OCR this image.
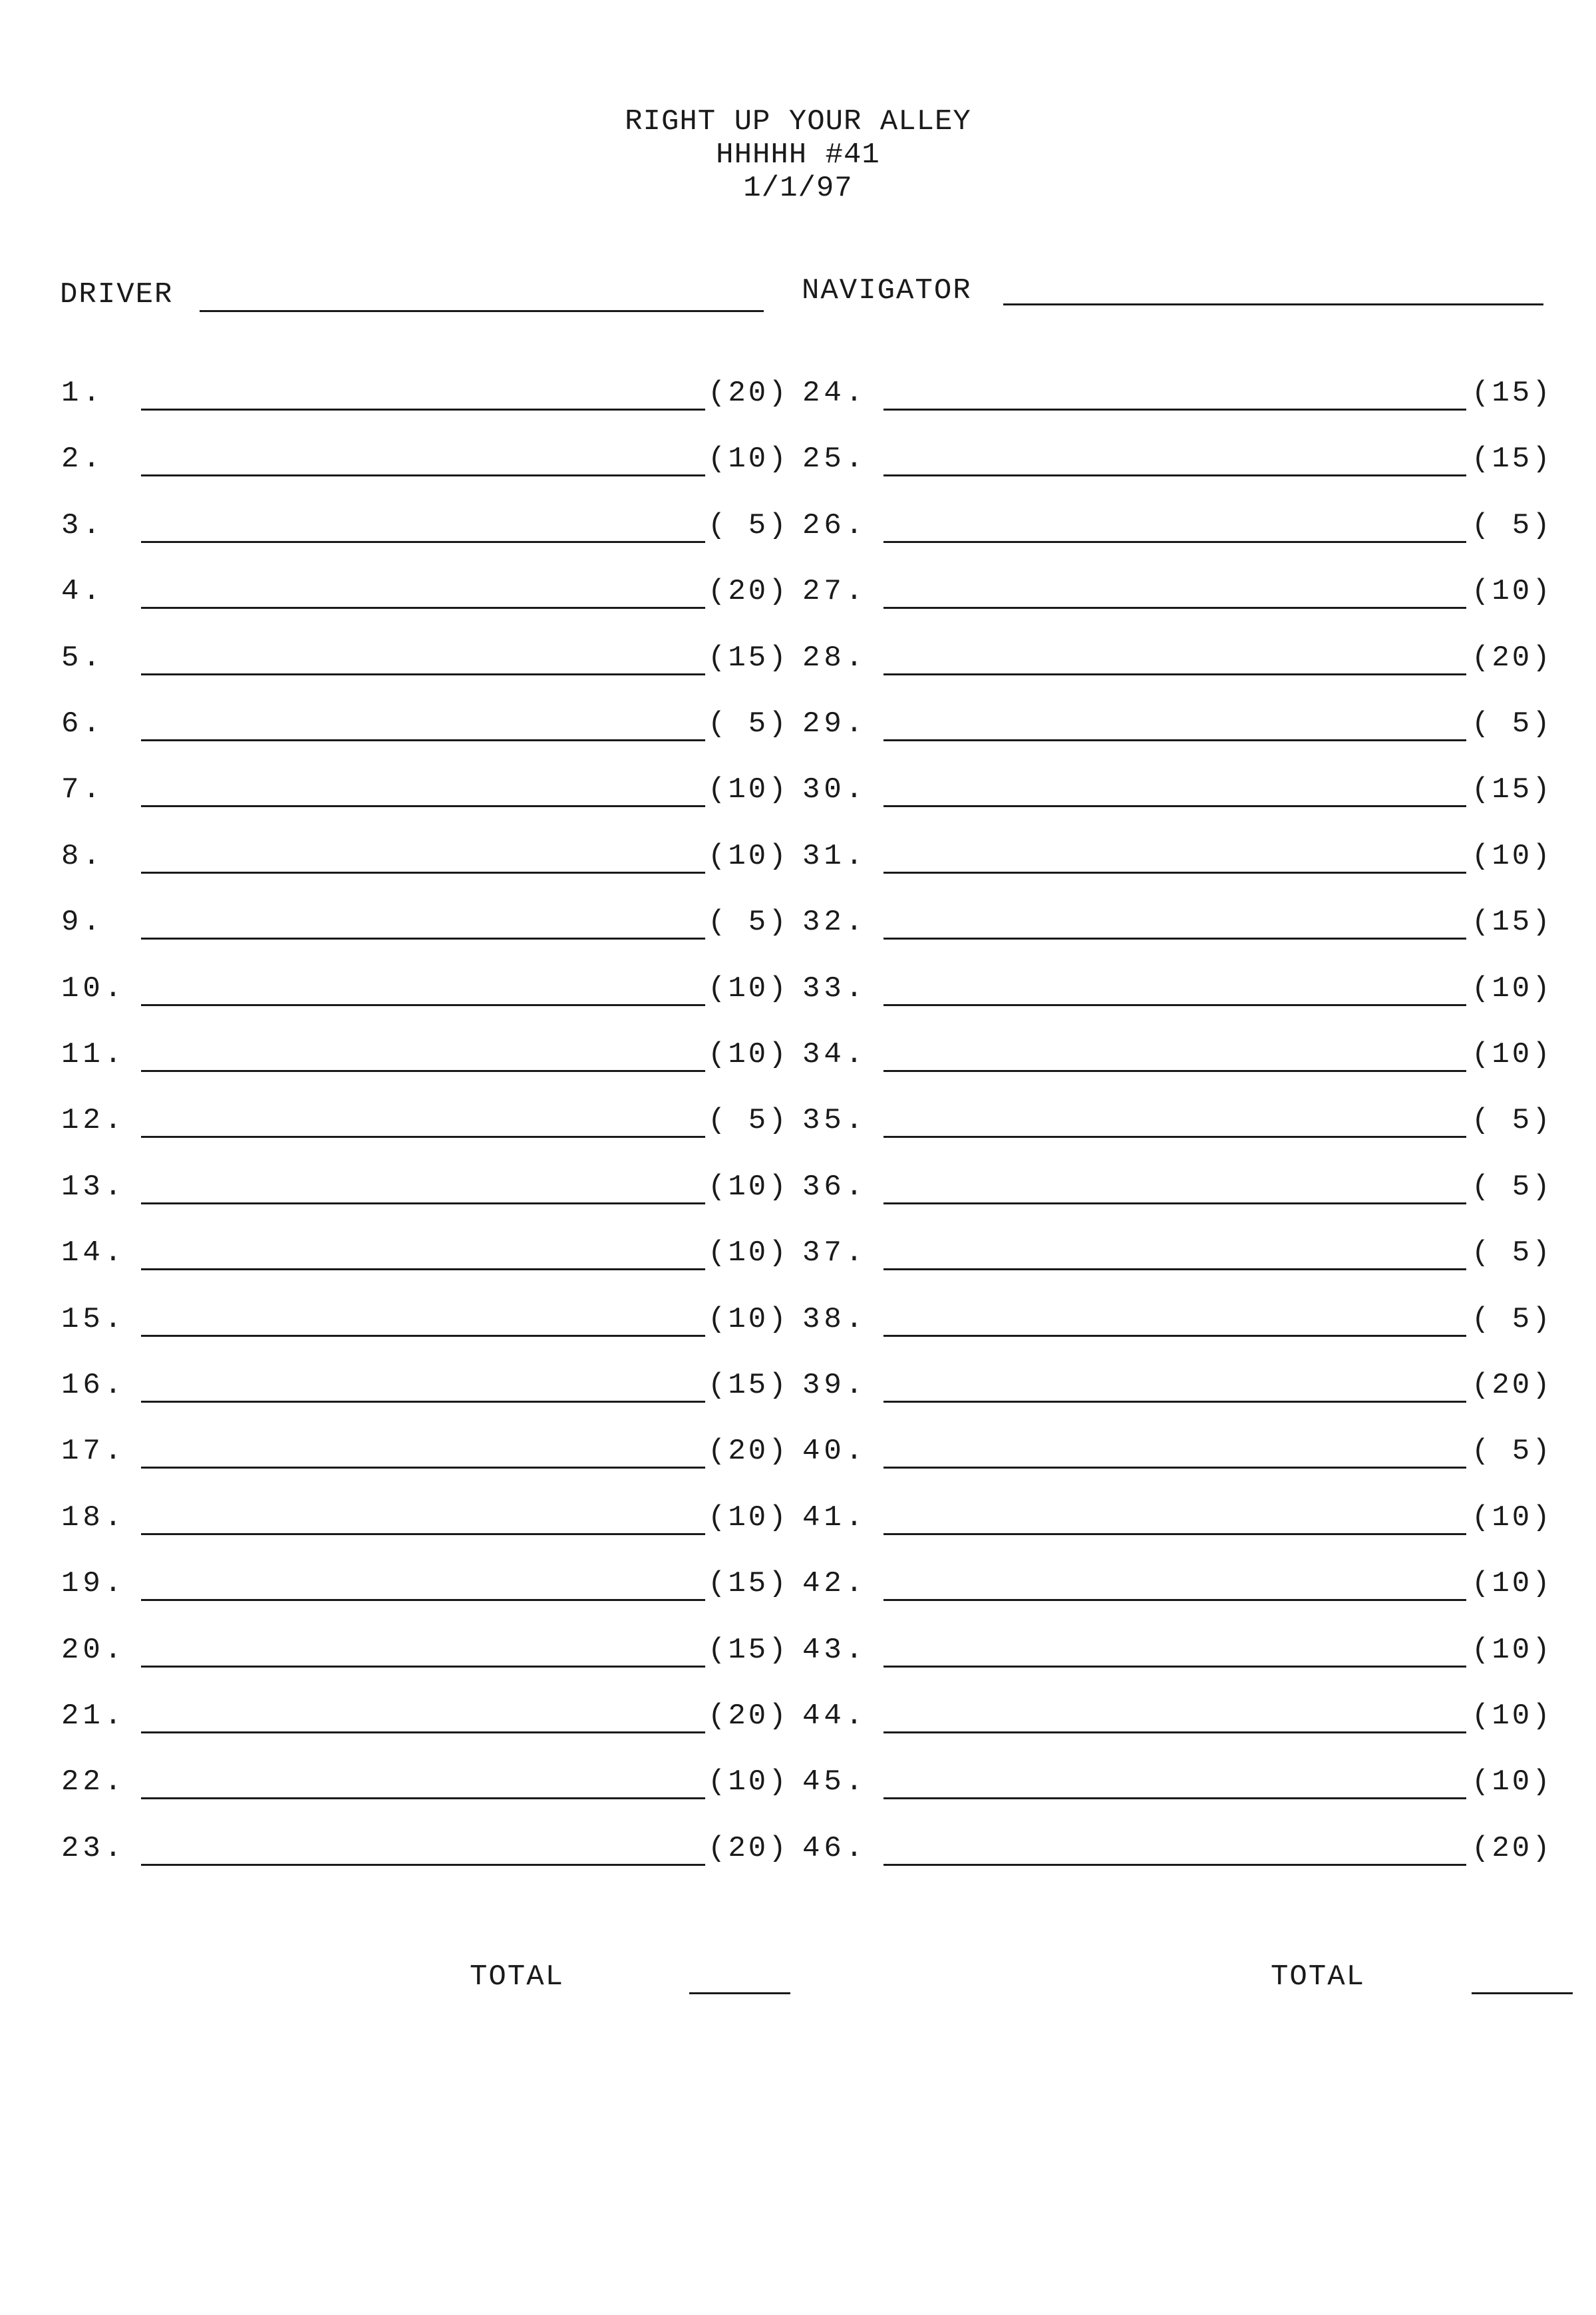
RIGHT UP YOUR ALLEY
HHHHH #41
1/1/97
DRIVER	NAVIGATOR
1.	(20)
2.	(10)
3.	( 5)
4.	(20)
5.	(15)
6.	( 5)
7.	(10)
8.	(10)
9.	( 5)
10.	(10)
11.	(10)
12.	( 5)
13.	(10)
14.	(10)
15.	(10)
16.	(15)
17.	(20)
18.	(10)
19.	(15)
20.	(15)
21.	(20)
22.	(10)
23.	(20)
24.	(15)
25.	(15)
26.	( 5)
27.	(10)
28.	(20)
29.	( 5)
30.	(15)
31.	(10)
32.	(15)
33.	(10)
34.	(10)
35.	( 5)
36.	( 5)
37.	( 5)
38.	( 5)
39.	(20)
40.	( 5)
41.	(10)
42.	(10)
43.	(10)
44.	(10)
45.	(10)
46.	(20)
TOTAL	TOTAL
